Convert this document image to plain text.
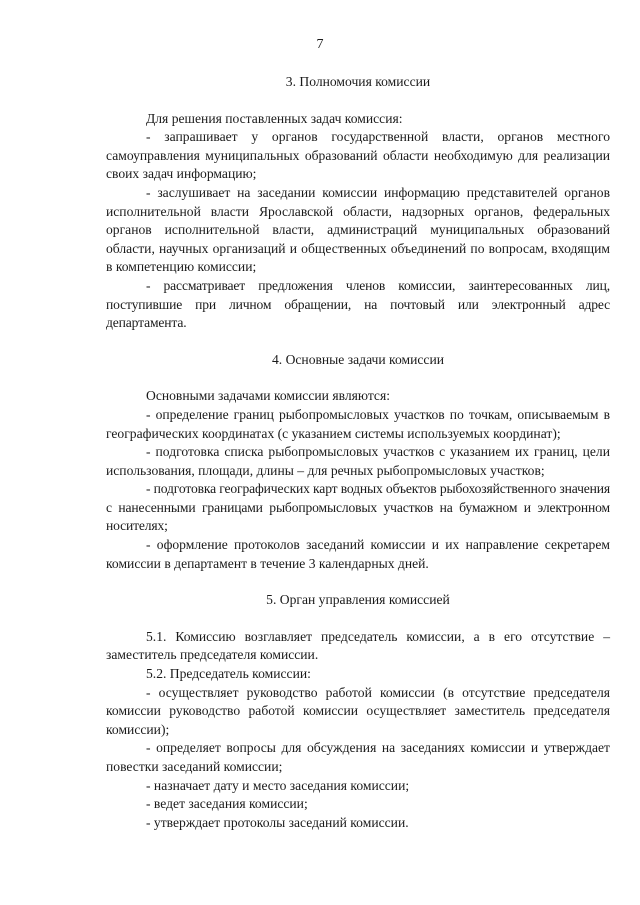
7
3. Полномочия комиссии

Для решения поставленных задач комиссия:

- запрашивает у органов государственной власти, органов местного самоуправления муниципальных образований области необходимую для реализации своих задач информацию;

- заслушивает на заседании комиссии информацию представителей органов исполнительной власти Ярославской области, надзорных органов, федеральных органов исполнительной власти, администраций муниципальных образований области, научных организаций и общественных объединений по вопросам, входящим в компетенцию комиссии;

- рассматривает предложения членов комиссии, заинтересованных лиц, поступившие при личном обращении, на почтовый или электронный адрес департамента.

4. Основные задачи комиссии

Основными задачами комиссии являются:

- определение границ рыбопромысловых участков по точкам, описываемым в географических координатах (с указанием системы используемых координат);

- подготовка списка рыбопромысловых участков с указанием их границ, цели использования, площади, длины – для речных рыбопромысловых участков;

- подготовка географических карт водных объектов рыбохозяйственного значения с нанесенными границами рыбопромысловых участков на бумажном и электронном носителях;

- оформление протоколов заседаний комиссии и их направление секретарем комиссии в департамент в течение 3 календарных дней.

5. Орган управления комиссией

5.1. Комиссию возглавляет председатель комиссии, а в его отсутствие – заместитель председателя комиссии.

5.2. Председатель комиссии:

- осуществляет руководство работой комиссии (в отсутствие председателя комиссии руководство работой комиссии осуществляет заместитель председателя комиссии);

- определяет вопросы для обсуждения на заседаниях комиссии и утверждает повестки заседаний комиссии;

- назначает дату и место заседания комиссии;

- ведет заседания комиссии;

- утверждает протоколы заседаний комиссии.
